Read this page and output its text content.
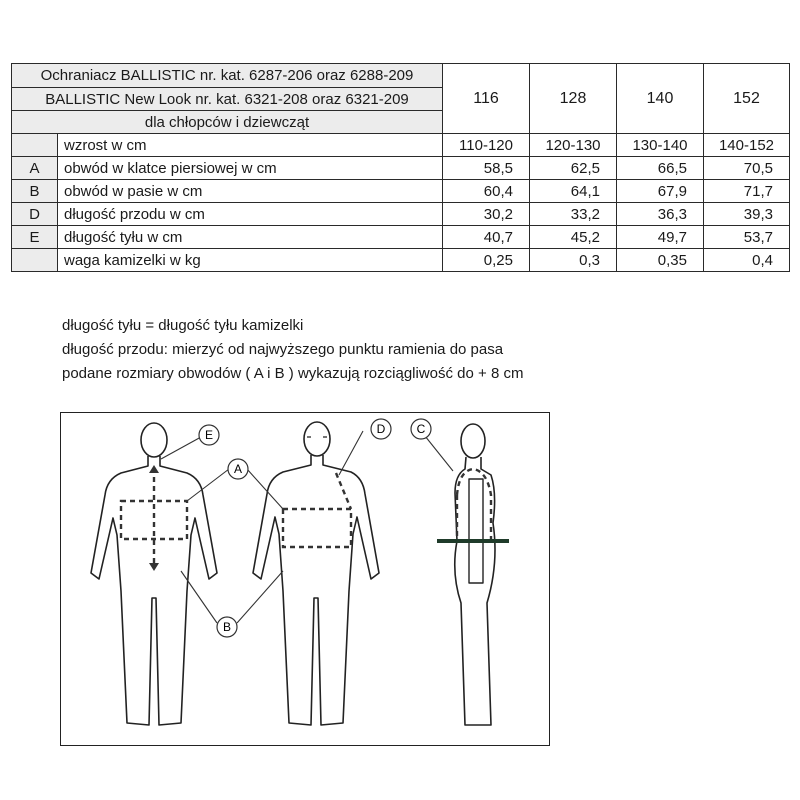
Ochraniacz BALLISTIC nr. kat. 6287-206 oraz 6288-209		116	128	140	152
BALLISTIC New Look nr. kat. 6321-208 oraz 6321-209					
dla chłopców i dziewcząt					
	wzrost w cm	110-120	120-130	130-140	140-152
A	obwód w klatce piersiowej w cm	58,5	62,5	66,5	70,5
B	obwód w pasie w cm	60,4	64,1	67,9	71,7
D	długość przodu w cm	30,2	33,2	36,3	39,3
E	długość tyłu w cm	40,7	45,2	49,7	53,7
	waga kamizelki w kg	0,25	0,3	0,35	0,4
długość tyłu = długość tyłu kamizelki
długość przodu: mierzyć od najwyższego punktu ramienia do pasa
podane rozmiary obwodów ( A i B ) wykazują rozciągliwość do + 8 cm
E
A
D	C
B
